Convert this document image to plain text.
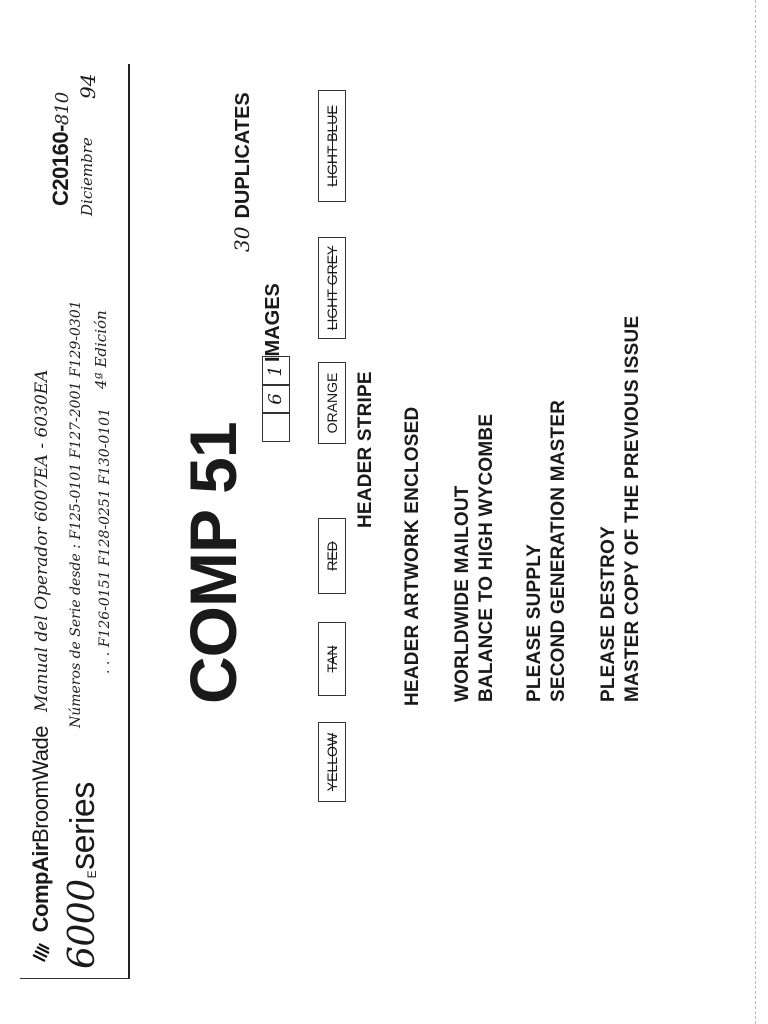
CompAirBroomWade
6000Eseries
Manual del Operador 6007EA - 6030EA Números de Serie desde : F125-0101 F127-2001 F129-0301 . . . F126-0151 F128-0251 F130-0101
4ª Edición
Diciembre
94
C20160-810
COMP 51
30DUPLICATES
6
1
IMAGES
YELLOW
TAN
RED
ORANGE
LIGHT GREY
LIGHT BLUE
HEADER STRIPE HEADER ARTWORK ENCLOSED WORLDWIDE MAILOUT BALANCE TO HIGH WYCOMBE PLEASE SUPPLY SECOND GENERATION MASTER PLEASE DESTROY MASTER COPY OF THE PREVIOUS ISSUE
